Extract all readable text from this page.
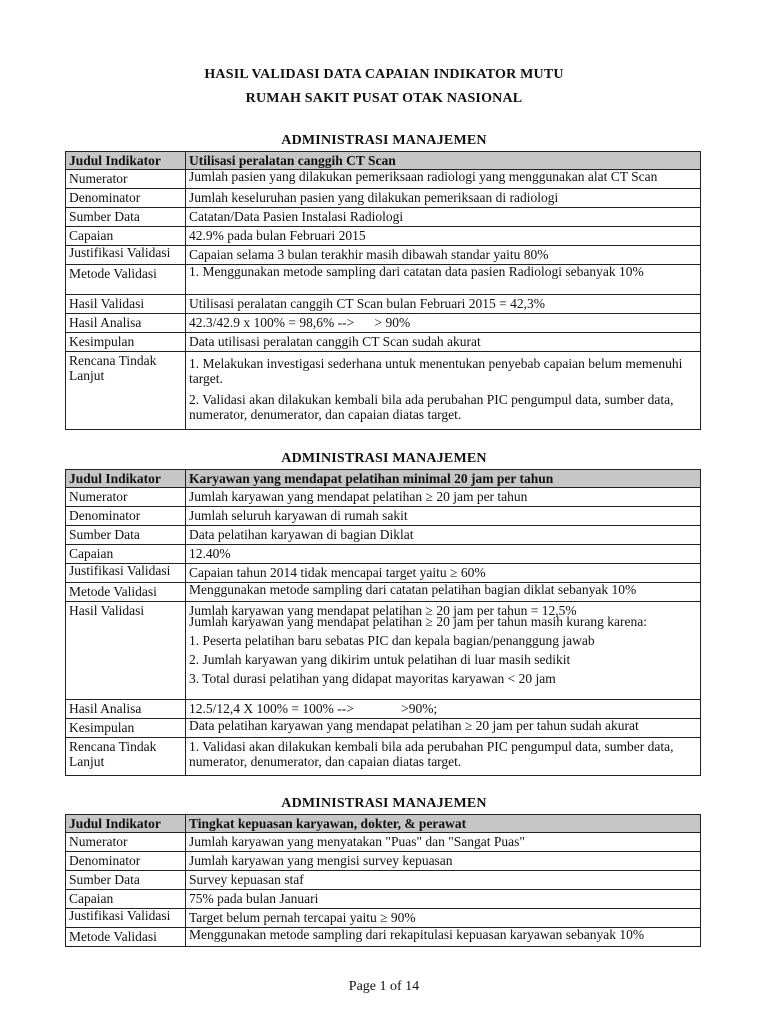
HASIL VALIDASI DATA CAPAIAN INDIKATOR MUTU
RUMAH SAKIT PUSAT OTAK NASIONAL
ADMINISTRASI MANAJEMEN
Judul Indikator	Utilisasi peralatan canggih CT Scan
Numerator	Jumlah pasien yang dilakukan pemeriksaan radiologi yang menggunakan alat CT Scan

Denominator	Jumlah keseluruhan pasien yang dilakukan pemeriksaan di radiologi
Sumber Data	Catatan/Data Pasien Instalasi Radiologi
Capaian	42.9% pada bulan Februari 2015

Justifikasi Validasi	Capaian selama 3 bulan terakhir masih dibawah standar yaitu 80%
Metode Validasi	1. Menggunakan metode sampling dari catatan data pasien Radiologi sebanyak 10%

Hasil Validasi	Utilisasi peralatan canggih CT Scan bulan Februari 2015 = 42,3%
Hasil Analisa	42.3/42.9 x 100% = 98,6% -->      > 90%
Kesimpulan	Data utilisasi peralatan canggih CT Scan sudah akurat
Rencana Tindak Lanjut	1. Melakukan investigasi sederhana untuk menentukan penyebab capaian belum memenuhi target.
2. Validasi akan dilakukan kembali bila ada perubahan PIC pengumpul data, sumber data, numerator, denumerator, dan capaian diatas target.
ADMINISTRASI MANAJEMEN
Judul Indikator	Karyawan yang mendapat pelatihan minimal 20 jam per tahun
Numerator	Jumlah karyawan yang mendapat pelatihan ≥ 20 jam per tahun
Denominator	Jumlah seluruh karyawan di rumah sakit
Sumber Data	Data pelatihan karyawan di bagian Diklat
Capaian	12.40%

Justifikasi Validasi	Capaian tahun 2014 tidak mencapai target yaitu ≥ 60%
Metode Validasi	Menggunakan metode sampling dari catatan pelatihan bagian diklat sebanyak 10%

Hasil Validasi	Jumlah karyawan yang mendapat pelatihan ≥ 20 jam per tahun = 12,5%
Jumlah karyawan yang mendapat pelatihan ≥ 20 jam per tahun masih kurang karena:
1. Peserta pelatihan baru sebatas PIC dan kepala bagian/penanggung jawab
2. Jumlah karyawan yang dikirim untuk pelatihan di luar masih sedikit
3. Total durasi pelatihan yang didapat mayoritas karyawan < 20 jam

Hasil Analisa	12.5/12,4 X 100% = 100% -->              >90%;
Kesimpulan	Data pelatihan karyawan yang mendapat pelatihan ≥ 20 jam per tahun sudah akurat

Rencana Tindak Lanjut	1. Validasi akan dilakukan kembali bila ada perubahan PIC pengumpul data, sumber data, numerator, denumerator, dan capaian diatas target.
ADMINISTRASI MANAJEMEN
Judul Indikator	Tingkat kepuasan karyawan, dokter, & perawat
Numerator	Jumlah karyawan yang menyatakan "Puas" dan "Sangat Puas"
Denominator	Jumlah karyawan yang mengisi survey kepuasan
Sumber Data	Survey kepuasan staf
Capaian	75% pada bulan Januari

Justifikasi Validasi	Target belum pernah tercapai yaitu ≥ 90%
Metode Validasi	Menggunakan metode sampling dari rekapitulasi kepuasan karyawan sebanyak 10%
Page 1 of 14
